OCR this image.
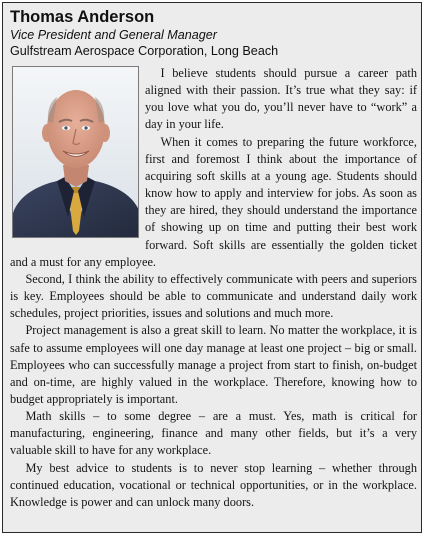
Thomas Anderson
Vice President and General Manager
Gulfstream Aerospace Corporation, Long Beach

I believe students should pursue a career path aligned with their passion. It’s true what they say: if you love what you do, you’ll never have to “work” a day in your life.

When it comes to preparing the future workforce, first and foremost I think about the importance of acquiring soft skills at a young age. Students should know how to apply and interview for jobs. As soon as they are hired, they should understand the importance of showing up on time and putting their best work forward. Soft skills are essentially the golden ticket and a must for any employee.

Second, I think the ability to effectively communicate with peers and superiors is key. Employees should be able to communicate and understand daily work schedules, project priorities, issues and solutions and much more.

Project management is also a great skill to learn. No matter the workplace, it is safe to assume employees will one day manage at least one project – big or small. Employees who can successfully manage a project from start to finish, on-budget and on-time, are highly valued in the workplace. Therefore, knowing how to budget appropriately is important.

Math skills – to some degree – are a must. Yes, math is critical for manufacturing, engineering, finance and many other fields, but it’s a very valuable skill to have for any workplace.

My best advice to students is to never stop learning – whether through continued education, vocational or technical opportunities, or in the workplace. Knowledge is power and can unlock many doors.
